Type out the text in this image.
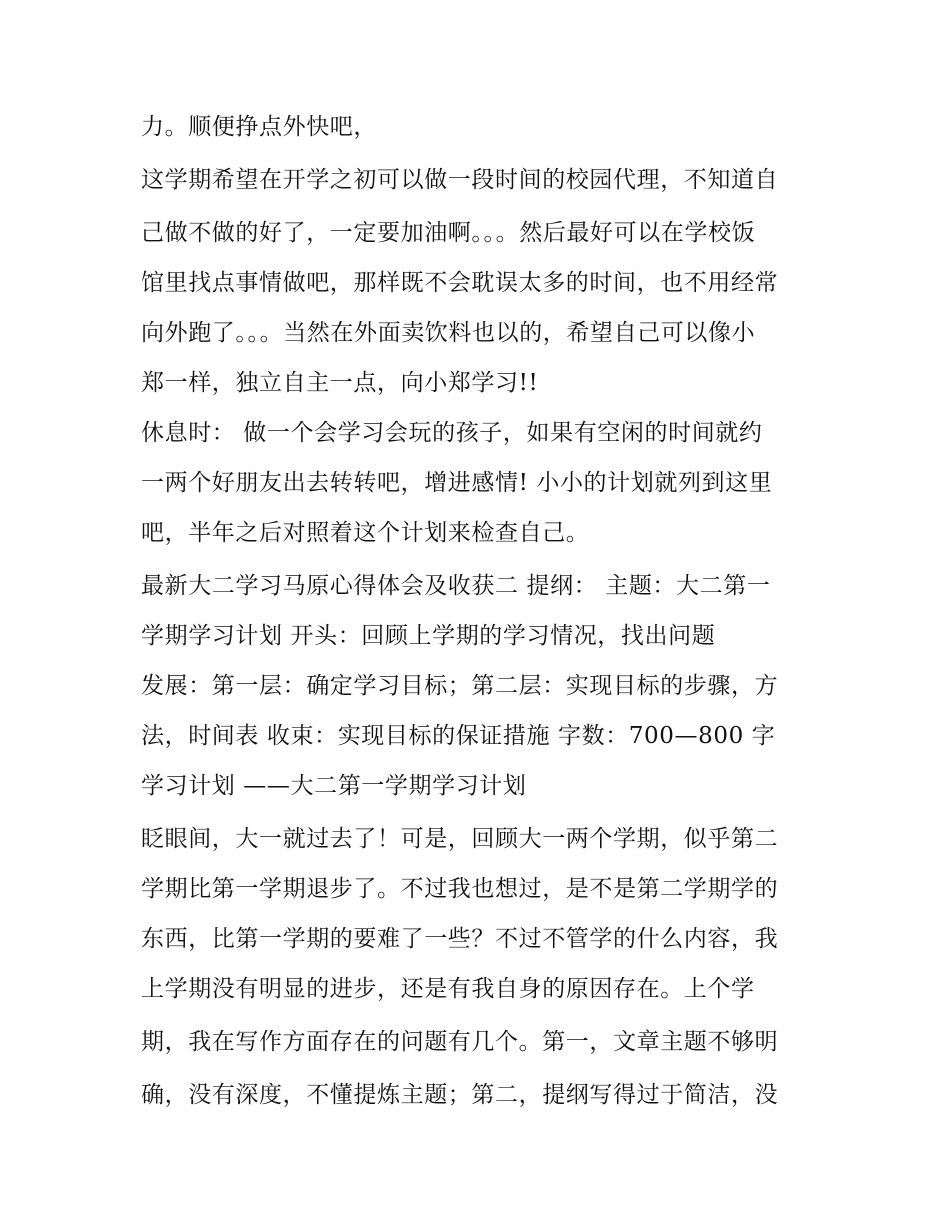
力。顺便挣点外快吧，
这学期希望在开学之初可以做一段时间的校园代理，不知道自
己做不做的好了，一定要加油啊。。。然后最好可以在学校饭
馆里找点事情做吧，那样既不会耽误太多的时间，也不用经常
向外跑了。。。当然在外面卖饮料也以的，希望自己可以像小
郑一样，独立自主一点，向小郑学习!!
休息时： 做一个会学习会玩的孩子，如果有空闲的时间就约
一两个好朋友出去转转吧，增进感情! 小小的计划就列到这里
吧，半年之后对照着这个计划来检查自己。
最新大二学习马原心得体会及收获二 提纲： 主题：大二第一
学期学习计划 开头：回顾上学期的学习情况，找出问题
发展：第一层：确定学习目标；第二层：实现目标的步骤，方
法，时间表 收束：实现目标的保证措施 字数：700—800 字
学习计划 ——大二第一学期学习计划
眨眼间，大一就过去了！可是，回顾大一两个学期，似乎第二
学期比第一学期退步了。不过我也想过，是不是第二学期学的
东西，比第一学期的要难了一些？不过不管学的什么内容，我
上学期没有明显的进步，还是有我自身的原因存在。上个学
期，我在写作方面存在的问题有几个。第一，文章主题不够明
确，没有深度，不懂提炼主题；第二，提纲写得过于简洁，没
